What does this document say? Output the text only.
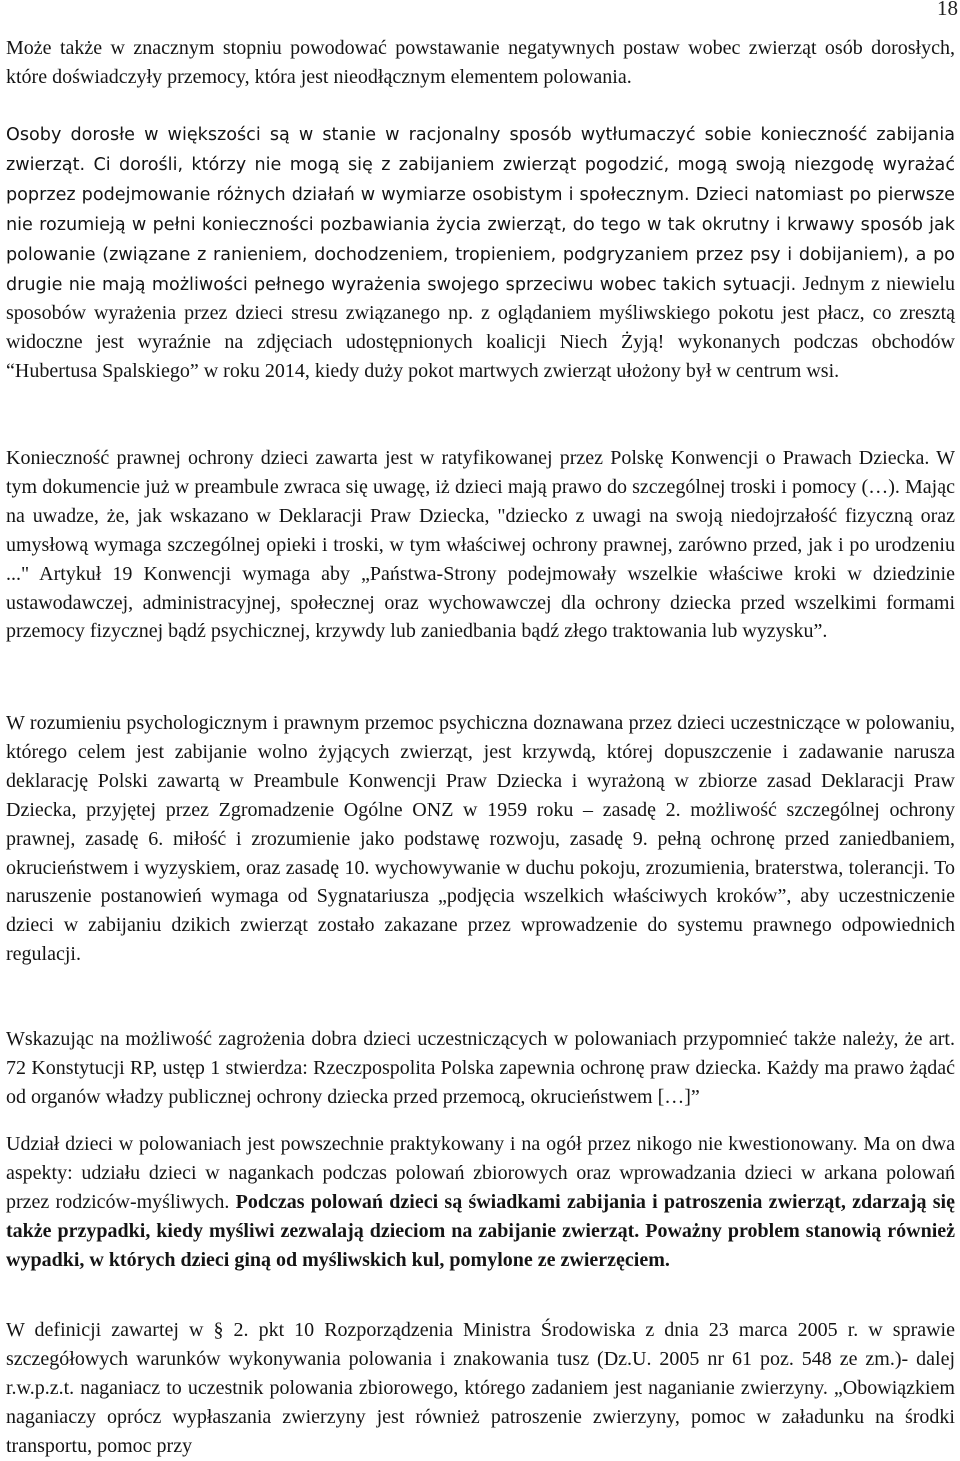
18

Może także w znacznym stopniu powodować powstawanie negatywnych postaw wobec zwierząt osób dorosłych, które doświadczyły przemocy, która jest nieodłącznym elementem polowania.

Osoby dorosłe w większości są w stanie w racjonalny sposób wytłumaczyć sobie konieczność zabijania zwierząt. Ci dorośli, którzy nie mogą się z zabijaniem zwierząt pogodzić, mogą swoją niezgodę wyrażać poprzez podejmowanie różnych działań w wymiarze osobistym i społecznym. Dzieci natomiast po pierwsze nie rozumieją w pełni konieczności pozbawiania życia zwierząt, do tego w tak okrutny i krwawy sposób jak polowanie (związane z ranieniem, dochodzeniem, tropieniem, podgryzaniem przez psy i dobijaniem), a po drugie nie mają możliwości pełnego wyrażenia swojego sprzeciwu wobec takich sytuacji. Jednym z niewielu sposobów wyrażenia przez dzieci stresu związanego np. z oglądaniem myśliwskiego pokotu jest płacz, co zresztą widoczne jest wyraźnie na zdjęciach udostępnionych koalicji Niech Żyją! wykonanych podczas obchodów “Hubertusa Spalskiego” w roku 2014, kiedy duży pokot martwych zwierząt ułożony był w centrum wsi.

Konieczność prawnej ochrony dzieci zawarta jest w ratyfikowanej przez Polskę Konwencji o Prawach Dziecka. W tym dokumencie już w preambule zwraca się uwagę, iż dzieci mają prawo do szczególnej troski i pomocy (…). Mając na uwadze, że, jak wskazano w Deklaracji Praw Dziecka, "dziecko z uwagi na swoją niedojrzałość fizyczną oraz umysłową wymaga szczególnej opieki i troski, w tym właściwej ochrony prawnej, zarówno przed, jak i po urodzeniu ..." Artykuł 19 Konwencji wymaga aby „Państwa-Strony podejmowały wszelkie właściwe kroki w dziedzinie ustawodawczej, administracyjnej, społecznej oraz wychowawczej dla ochrony dziecka przed wszelkimi formami przemocy fizycznej bądź psychicznej, krzywdy lub zaniedbania bądź złego traktowania lub wyzysku”.

W rozumieniu psychologicznym i prawnym przemoc psychiczna doznawana przez dzieci uczestniczące w polowaniu, którego celem jest zabijanie wolno żyjących zwierząt, jest krzywdą, której dopuszczenie i zadawanie narusza deklarację Polski zawartą w Preambule Konwencji Praw Dziecka i wyrażoną w zbiorze zasad Deklaracji Praw Dziecka, przyjętej przez Zgromadzenie Ogólne ONZ w 1959 roku – zasadę 2. możliwość szczególnej ochrony prawnej, zasadę 6. miłość i zrozumienie jako podstawę rozwoju, zasadę 9. pełną ochronę przed zaniedbaniem, okrucieństwem i wyzyskiem, oraz zasadę 10. wychowywanie w duchu pokoju, zrozumienia, braterstwa, tolerancji. To naruszenie postanowień wymaga od Sygnatariusza „podjęcia wszelkich właściwych kroków”, aby uczestniczenie dzieci w zabijaniu dzikich zwierząt zostało zakazane przez wprowadzenie do systemu prawnego odpowiednich regulacji.

Wskazując na możliwość zagrożenia dobra dzieci uczestniczących w polowaniach przypomnieć także należy, że art. 72 Konstytucji RP, ustęp 1 stwierdza: Rzeczpospolita Polska zapewnia ochronę praw dziecka. Każdy ma prawo żądać od organów władzy publicznej ochrony dziecka przed przemocą, okrucieństwem […]”

Udział dzieci w polowaniach jest powszechnie praktykowany i na ogół przez nikogo nie kwestionowany. Ma on dwa aspekty: udziału dzieci w nagankach podczas polowań zbiorowych oraz wprowadzania dzieci w arkana polowań przez rodziców-myśliwych. Podczas polowań dzieci są świadkami zabijania i patroszenia zwierząt, zdarzają się także przypadki, kiedy myśliwi zezwalają dzieciom na zabijanie zwierząt. Poważny problem stanowią również wypadki, w których dzieci giną od myśliwskich kul, pomylone ze zwierzęciem.

W definicji zawartej w § 2. pkt 10 Rozporządzenia Ministra Środowiska z dnia 23 marca 2005 r. w sprawie szczegółowych warunków wykonywania polowania i znakowania tusz (Dz.U. 2005 nr 61 poz. 548 ze zm.)- dalej r.w.p.z.t. naganiacz to uczestnik polowania zbiorowego, którego zadaniem jest naganianie zwierzyny. „Obowiązkiem naganiaczy oprócz wypłaszania zwierzyny jest również patroszenie zwierzyny, pomoc w załadunku na środki transportu, pomoc przy
